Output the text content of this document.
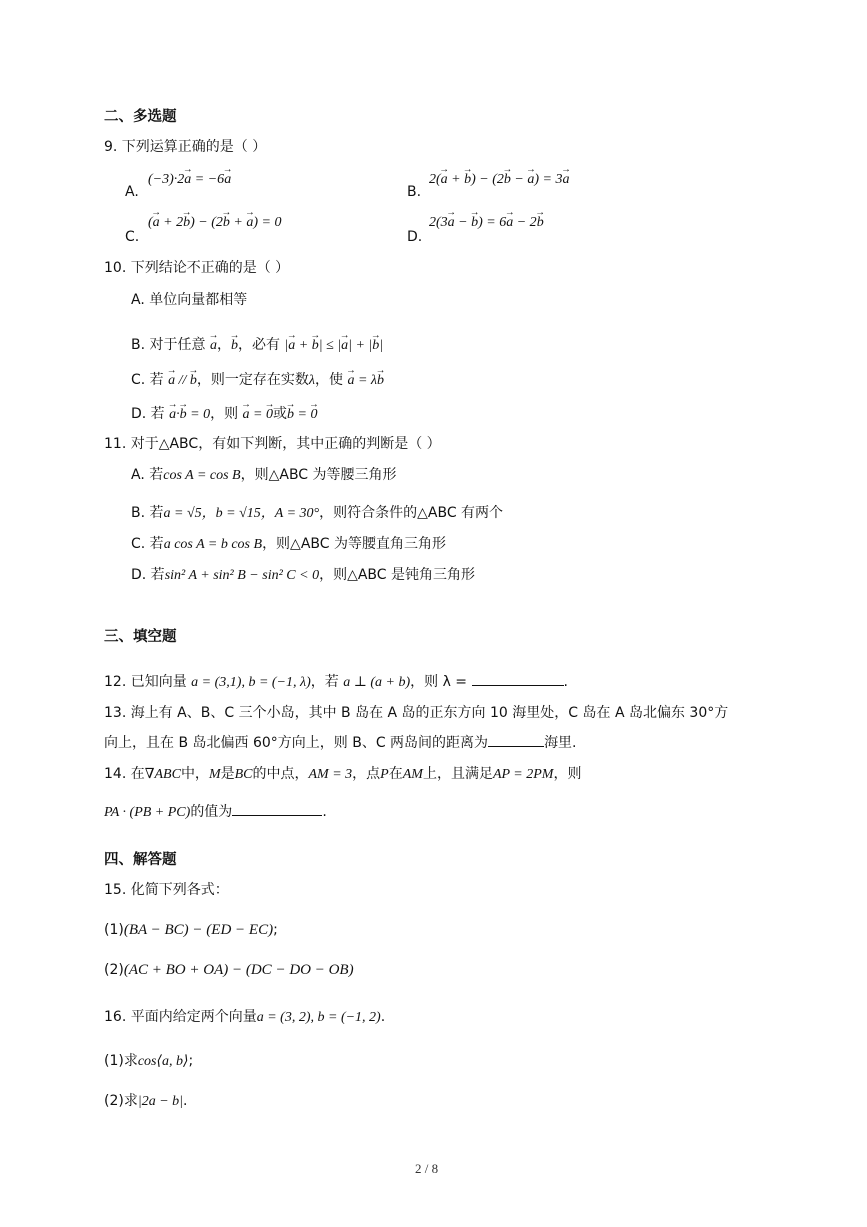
二、多选题
9. 下列运算正确的是（ ）
A.
(−3)·2→ a = −6→ a
B.
2(→ a + → b) − (2→ b − → a) = 3→ a
C.
(→ a + 2→ b) − (2→ b + → a) = 0
D.
2(3→ a − → b) = 6→ a − 2→ b
10. 下列结论不正确的是（ ）
A. 单位向量都相等
B. 对于任意 → a，→ b，必有 |→ a + → b| ≤ |→ a| + |→ b|
C. 若 → a // → b，则一定存在实数λ，使 → a = λ→ b
D. 若 → a·→ b = 0，则 → a = → 0或→ b = → 0
11. 对于△ABC，有如下判断，其中正确的判断是（ ）
A. 若cos A = cos B，则△ABC 为等腰三角形
B. 若a = √5，b = √15，A = 30°，则符合条件的△ABC 有两个
C. 若a cos A = b cos B，则△ABC 为等腰直角三角形
D. 若sin² A + sin² B − sin² C < 0，则△ABC 是钝角三角形
三、填空题
12. 已知向量 a = (3,1), b = (−1, λ)，若 a ⊥ (a + b)，则 λ =	.
13. 海上有 A、B、C 三个小岛，其中 B 岛在 A 岛的正东方向 10 海里处，C 岛在 A 岛北偏东 30°方
向上，且在 B 岛北偏西 60°方向上，则 B、C 两岛间的距离为	海里.
14. 在∇ABC中，M是BC的中点，AM = 3，点P在AM上，且满足AP = 2PM，则
PA · (PB + PC)的值为	.
四、解答题
15. 化简下列各式：
(1)(BA − BC) − (ED − EC);
(2)(AC + BO + OA) − (DC − DO − OB)
16. 平面内给定两个向量a = (3, 2), b = (−1, 2).
(1)求cos⟨a, b⟩;
(2)求|2a − b|.
2 / 8
